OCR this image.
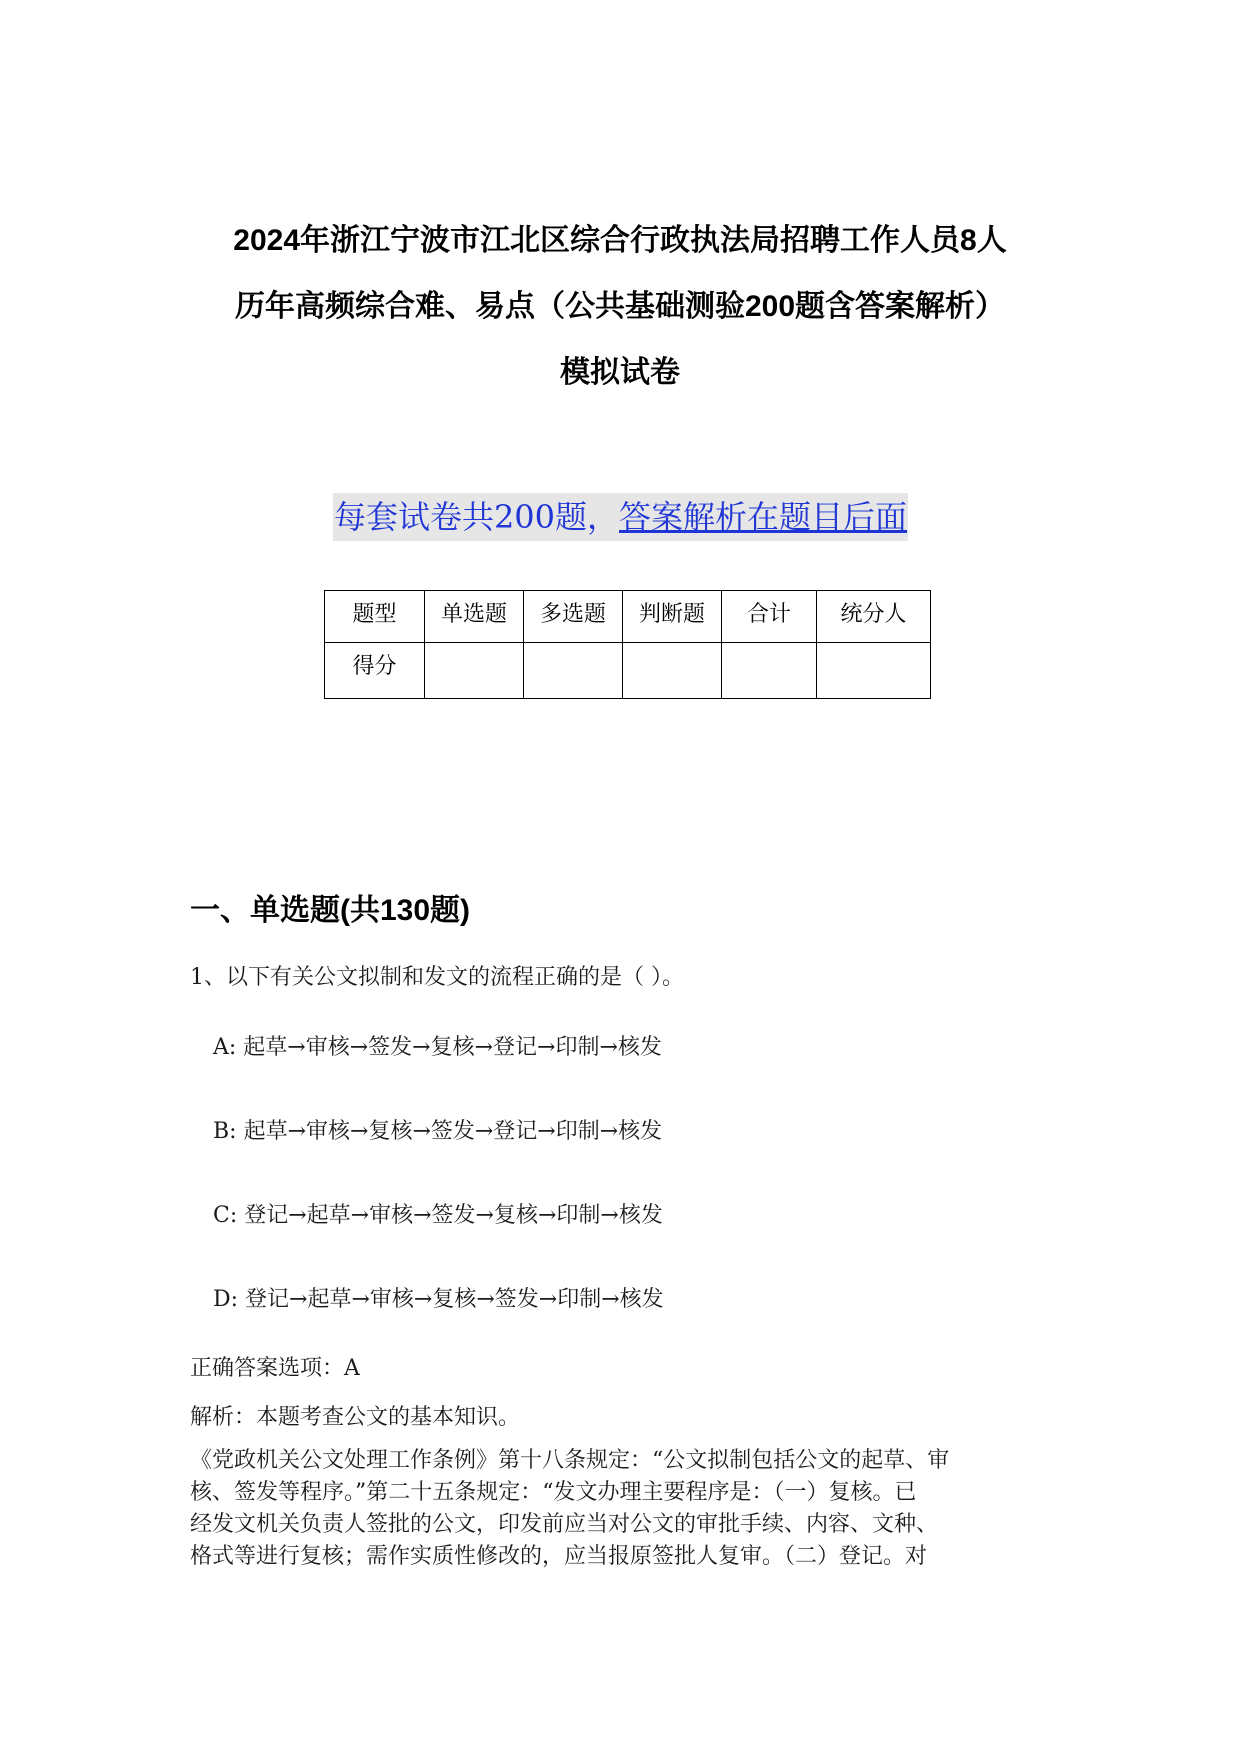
2024年浙江宁波市江北区综合行政执法局招聘工作人员8人
历年高频综合难、易点（公共基础测验200题含答案解析）
模拟试卷
每套试卷共200题，答案解析在题目后面
题型	单选题	多选题	判断题	合计	统分人
得分					
一、单选题(共130题)
1、以下有关公文拟制和发文的流程正确的是（ ）。
A: 起草→审核→签发→复核→登记→印制→核发
B: 起草→审核→复核→签发→登记→印制→核发
C: 登记→起草→审核→签发→复核→印制→核发
D: 登记→起草→审核→复核→签发→印制→核发
正确答案选项：A
解析：本题考查公文的基本知识。
《党政机关公文处理工作条例》第十八条规定：“公文拟制包括公文的起草、审
核、签发等程序。”第二十五条规定：“发文办理主要程序是：（一）复核。已
经发文机关负责人签批的公文，印发前应当对公文的审批手续、内容、文种、
格式等进行复核；需作实质性修改的，应当报原签批人复审。（二）登记。对
